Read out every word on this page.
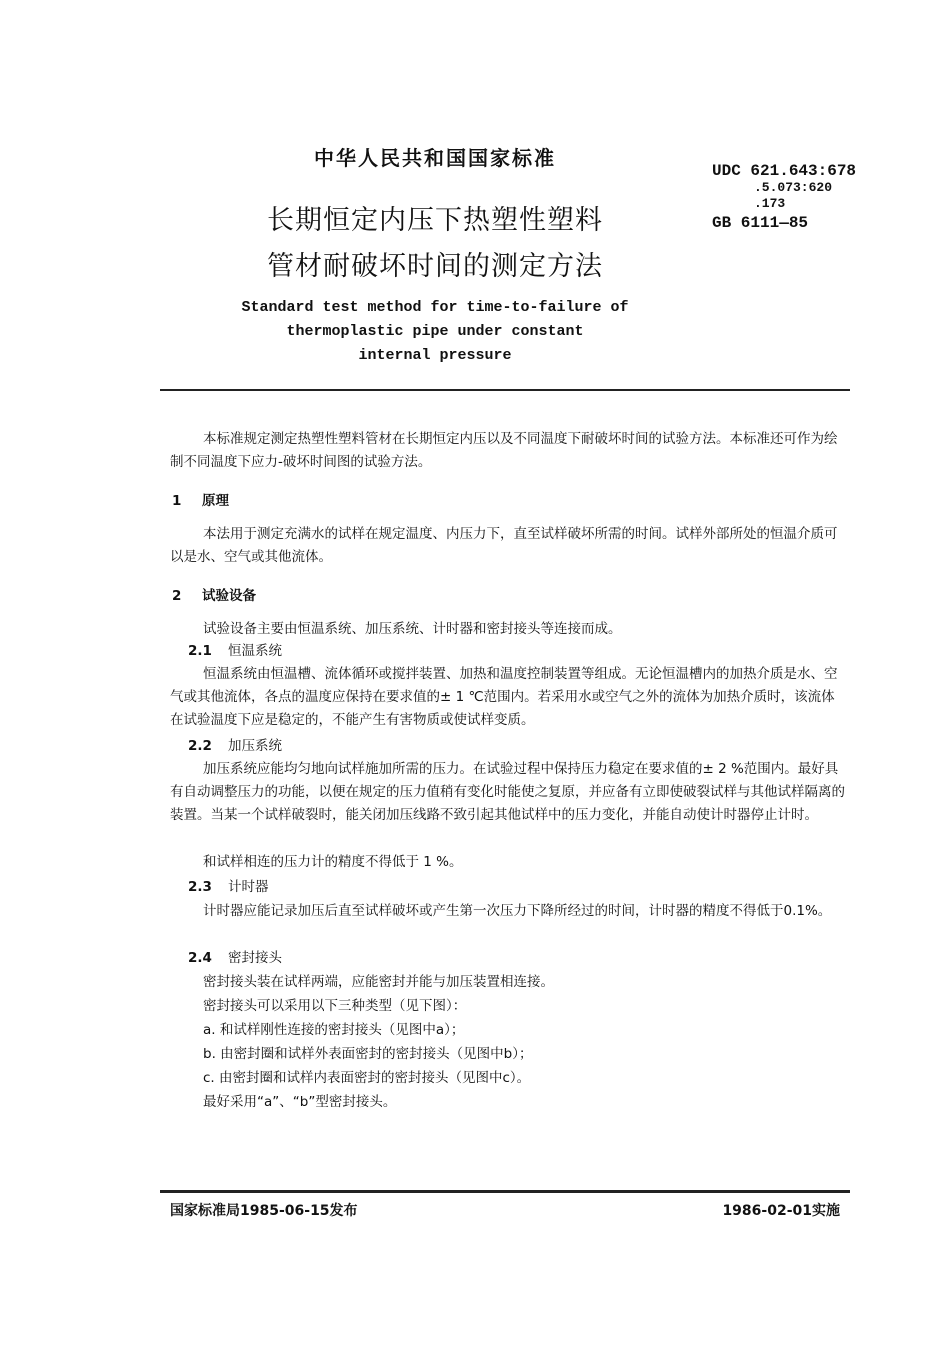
中华人民共和国国家标准
长期恒定内压下热塑性塑料
管材耐破坏时间的测定方法
UDC 621.643:678
.5.073:620
.173
GB 6111—85
Standard test method for time-to-failure of
thermoplastic pipe under constant
internal pressure
本标准规定测定热塑性塑料管材在长期恒定内压以及不同温度下耐破坏时间的试验方法。本标准还可作为绘制不同温度下应力-破坏时间图的试验方法。
1 原理
本法用于测定充满水的试样在规定温度、内压力下，直至试样破坏所需的时间。试样外部所处的恒温介质可以是水、空气或其他流体。
2 试验设备
试验设备主要由恒温系统、加压系统、计时器和密封接头等连接而成。
2.1 恒温系统
恒温系统由恒温槽、流体循环或搅拌装置、加热和温度控制装置等组成。无论恒温槽内的加热介质是水、空气或其他流体，各点的温度应保持在要求值的± 1 ℃范围内。若采用水或空气之外的流体为加热介质时，该流体在试验温度下应是稳定的，不能产生有害物质或使试样变质。
2.2 加压系统
加压系统应能均匀地向试样施加所需的压力。在试验过程中保持压力稳定在要求值的± 2 %范围内。最好具有自动调整压力的功能，以便在规定的压力值稍有变化时能使之复原，并应备有立即使破裂试样与其他试样隔离的装置。当某一个试样破裂时，能关闭加压线路不致引起其他试样中的压力变化，并能自动使计时器停止计时。
和试样相连的压力计的精度不得低于 1 %。
2.3 计时器
计时器应能记录加压后直至试样破坏或产生第一次压力下降所经过的时间，计时器的精度不得低于0.1%。
2.4 密封接头
密封接头装在试样两端，应能密封并能与加压装置相连接。
密封接头可以采用以下三种类型（见下图）：
a. 和试样刚性连接的密封接头（见图中a）；
b. 由密封圈和试样外表面密封的密封接头（见图中b）；
c. 由密封圈和试样内表面密封的密封接头（见图中c）。
最好采用“a”、“b”型密封接头。
国家标准局1985-06-15发布	1986-02-01实施
